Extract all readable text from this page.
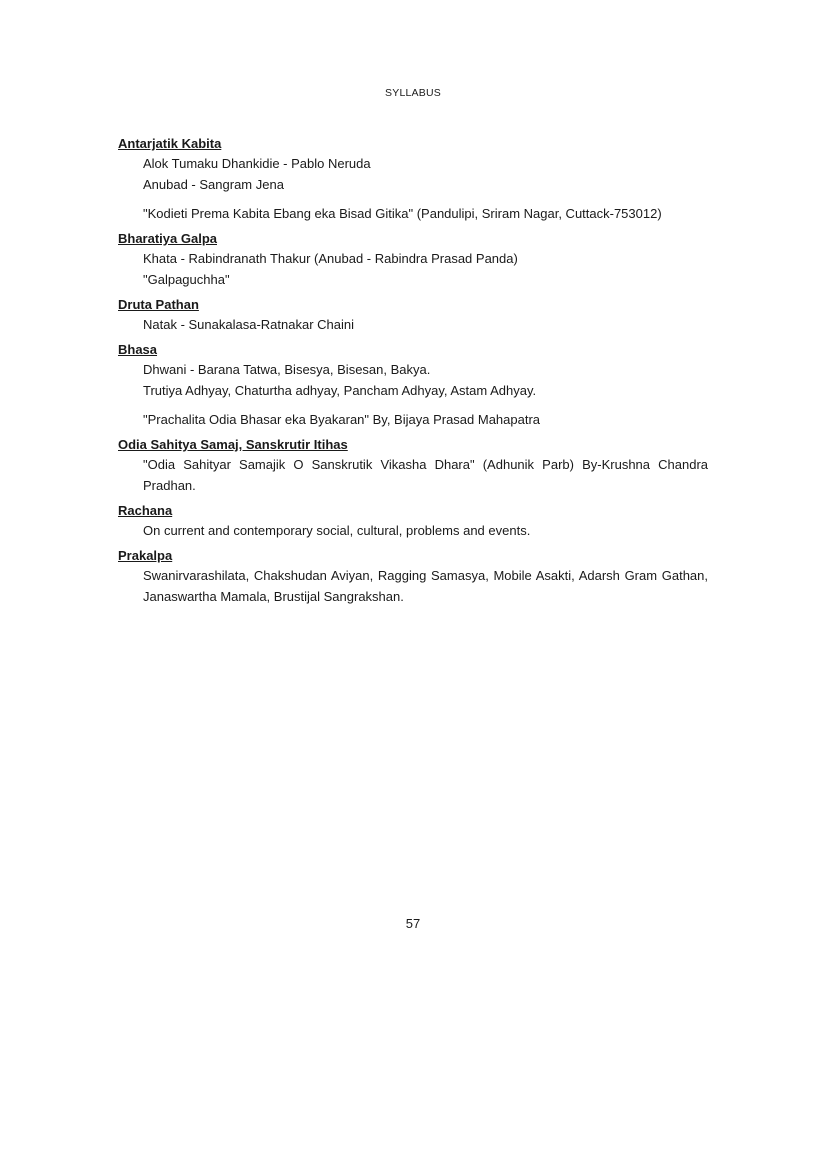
SYLLABUS

Antarjatik Kabita

Alok Tumaku Dhankidie - Pablo Neruda

Anubad - Sangram Jena

"Kodieti Prema Kabita Ebang eka Bisad Gitika" (Pandulipi, Sriram Nagar, Cuttack-753012)

Bharatiya Galpa

Khata - Rabindranath Thakur (Anubad - Rabindra Prasad Panda)

"Galpaguchha"

Druta Pathan

Natak - Sunakalasa-Ratnakar Chaini

Bhasa

Dhwani - Barana Tatwa, Bisesya, Bisesan, Bakya.

Trutiya Adhyay, Chaturtha adhyay, Pancham Adhyay, Astam Adhyay.

"Prachalita Odia Bhasar eka Byakaran" By, Bijaya Prasad Mahapatra

Odia Sahitya Samaj, Sanskrutir Itihas

"Odia Sahityar Samajik O Sanskrutik Vikasha Dhara" (Adhunik Parb) By-Krushna Chandra Pradhan.

Rachana

On current and contemporary social, cultural, problems and events.

Prakalpa

Swanirvarashilata, Chakshudan Aviyan, Ragging Samasya, Mobile Asakti, Adarsh Gram Gathan, Janaswartha Mamala, Brustijal Sangrakshan.

57
